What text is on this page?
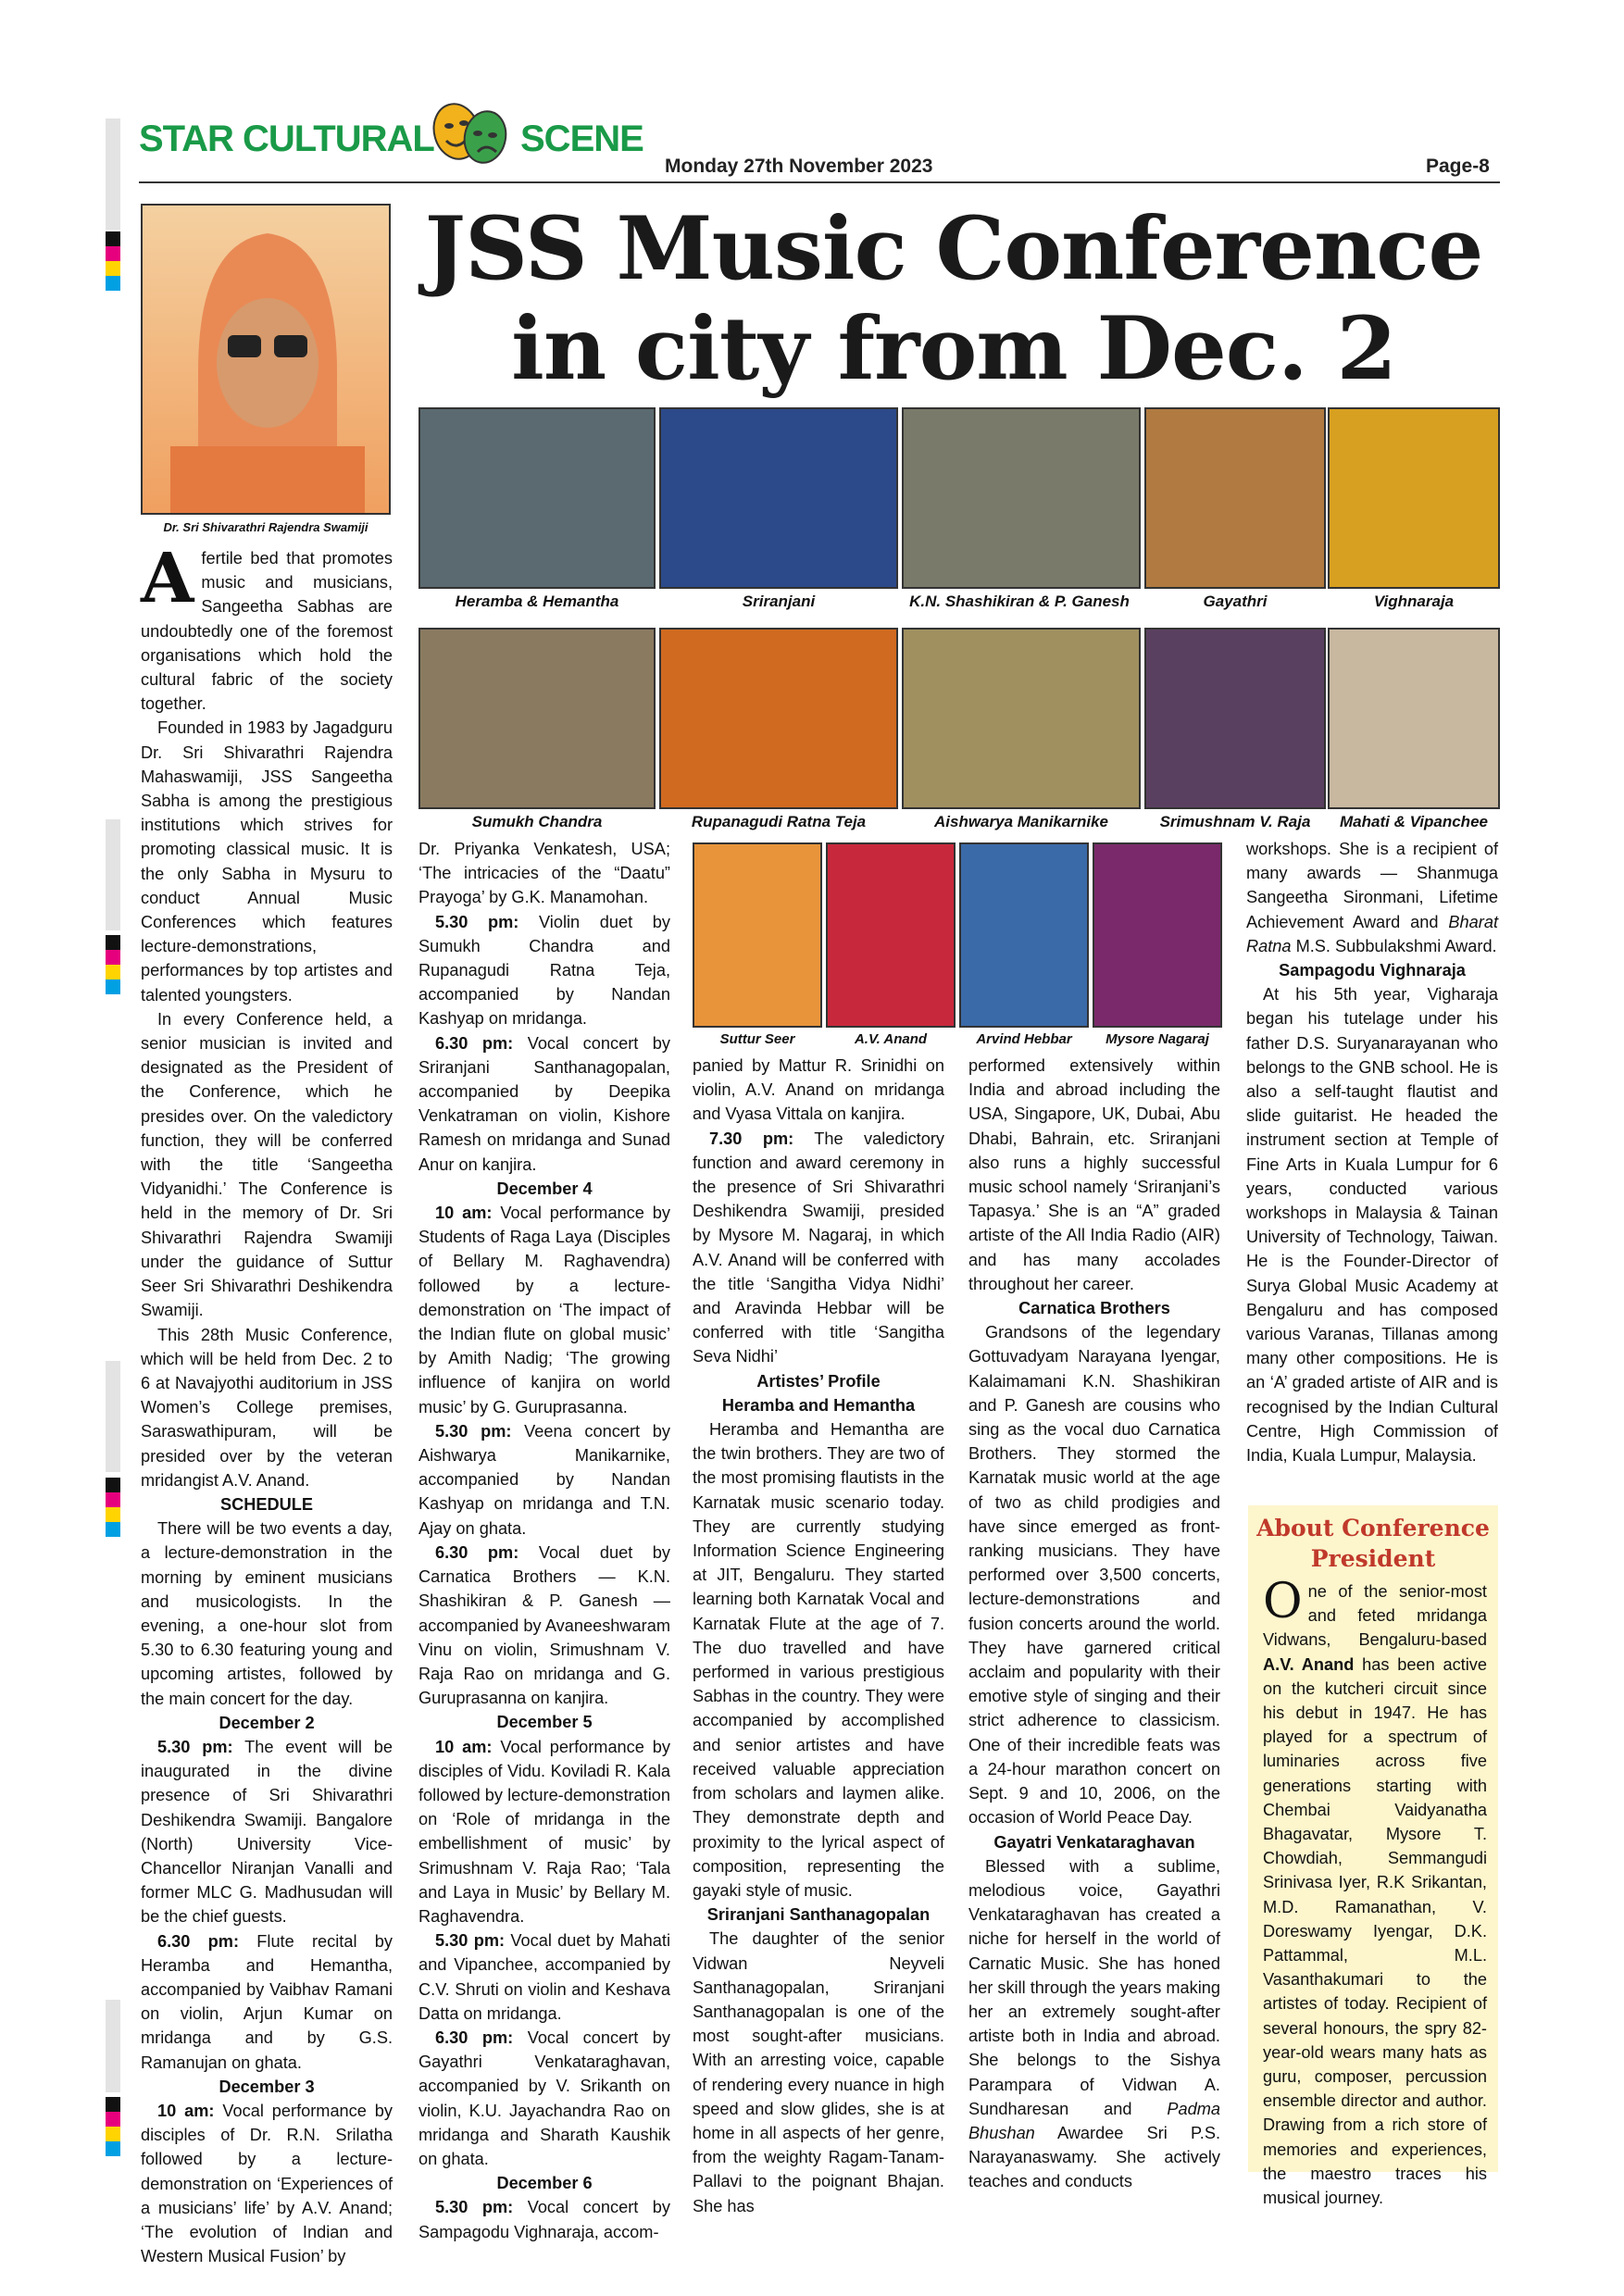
STAR CULTURAL SCENE
Monday 27th November 2023	Page-8
JSS Music Conference
in city from Dec. 2
Dr. Sri Shivarathri Rajendra Swamiji
Heramba & Hemantha	Sriranjani	K.N. Shashikiran & P. Ganesh	Gayathri	Vighnaraja
Sumukh Chandra	Rupanagudi Ratna Teja	Aishwarya Manikarnike	Srimushnam V. Raja	Mahati & Vipanchee
Suttur Seer	A.V. Anand	Arvind Hebbar	Mysore Nagaraj

Afertile bed that promotes music and musicians, Sangeetha Sabhas are undoubtedly one of the foremost organisations which hold the cultural fabric of the society together.

Founded in 1983 by Jagadguru Dr. Sri Shivarathri Rajendra Mahaswamiji, JSS Sangeetha Sabha is among the prestigious institutions which strives for promoting classical music. It is the only Sabha in Mysuru to conduct Annual Music Conferences which features lecture-demonstrations, performances by top artistes and talented youngsters.

In every Conference held, a senior musician is invited and designated as the President of the Conference, which he presides over. On the valedictory function, they will be conferred with the title ‘Sangeetha Vidyanidhi.’ The Conference is held in the memory of Dr. Sri Shivarathri Rajendra Swamiji under the guidance of Suttur Seer Sri Shivarathri Deshikendra Swamiji.

This 28th Music Conference, which will be held from Dec. 2 to 6 at Navajyothi auditorium in JSS Women’s College premises, Saraswathipuram, will be presided over by the veteran mridangist A.V. Anand.

SCHEDULE

There will be two events a day, a lecture-demonstration in the morning by eminent musicians and musicologists. In the evening, a one-hour slot from 5.30 to 6.30 featuring young and upcoming artistes, followed by the main concert for the day.

December 2

5.30 pm: The event will be inaugurated in the divine presence of Sri Shivarathri Deshikendra Swamiji. Bangalore (North) University Vice-Chancellor Niranjan Vanalli and former MLC G. Madhusudan will be the chief guests.

6.30 pm: Flute recital by Heramba and Hemantha, accompanied by Vaibhav Ramani on violin, Arjun Kumar on mridanga and by G.S. Ramanujan on ghata.

December 3

10 am: Vocal performance by disciples of Dr. R.N. Srilatha followed by a lecture-demonstration on ‘Experiences of a musicians’ life’ by A.V. Anand; ‘The evolution of Indian and Western Musical Fusion’ by

Dr. Priyanka Venkatesh, USA; ‘The intricacies of the “Daatu” Prayoga’ by G.K. Manamohan.

5.30 pm: Violin duet by Sumukh Chandra and Rupanagudi Ratna Teja, accompanied by Nandan Kashyap on mridanga.

6.30 pm: Vocal concert by Sriranjani Santhanagopalan, accompanied by Deepika Venkatraman on violin, Kishore Ramesh on mridanga and Sunad Anur on kanjira.

December 4

10 am: Vocal performance by Students of Raga Laya (Disciples of Bellary M. Raghavendra) followed by a lecture-demonstration on ‘The impact of the Indian flute on global music’ by Amith Nadig; ‘The growing influence of kanjira on world music’ by G. Guruprasanna.

5.30 pm: Veena concert by Aishwarya Manikarnike, accompanied by Nandan Kashyap on mridanga and T.N. Ajay on ghata.

6.30 pm: Vocal duet by Carnatica Brothers — K.N. Shashikiran & P. Ganesh — accompanied by Avaneeshwaram Vinu on violin, Srimushnam V. Raja Rao on mridanga and G. Guruprasanna on kanjira.

December 5

10 am: Vocal performance by disciples of Vidu. Koviladi R. Kala followed by lecture-demonstration on ‘Role of mridanga in the embellishment of music’ by Srimushnam V. Raja Rao; ‘Tala and Laya in Music’ by Bellary M. Raghavendra.

5.30 pm: Vocal duet by Mahati and Vipanchee, accompanied by C.V. Shruti on violin and Keshava Datta on mridanga.

6.30 pm: Vocal concert by Gayathri Venkataraghavan, accompanied by V. Srikanth on violin, K.U. Jayachandra Rao on mridanga and Sharath Kaushik on ghata.

December 6

5.30 pm: Vocal concert by Sampagodu Vighnaraja, accom-

panied by Mattur R. Srinidhi on violin, A.V. Anand on mridanga and Vyasa Vittala on kanjira.

7.30 pm: The valedictory function and award ceremony in the presence of Sri Shivarathri Deshikendra Swamiji, presided by Mysore M. Nagaraj, in which A.V. Anand will be conferred with the title ‘Sangitha Vidya Nidhi’ and Aravinda Hebbar will be conferred with title ‘Sangitha Seva Nidhi’

Artistes’ Profile
Heramba and Hemantha

Heramba and Hemantha are the twin brothers. They are two of the most promising flautists in the Karnatak music scenario today. They are currently studying Information Science Engineering at JIT, Bengaluru. They started learning both Karnatak Vocal and Karnatak Flute at the age of 7. The duo travelled and have performed in various prestigious Sabhas in the country. They were accompanied by accomplished and senior artistes and have received valuable appreciation from scholars and laymen alike. They demonstrate depth and proximity to the lyrical aspect of composition, representing the gayaki style of music.

Sriranjani Santhanagopalan

The daughter of the senior Vidwan Neyveli Santhanagopalan, Sriranjani Santhanagopalan is one of the most sought-after musicians. With an arresting voice, capable of rendering every nuance in high speed and slow glides, she is at home in all aspects of her genre, from the weighty Ragam-Tanam-Pallavi to the poignant Bhajan. She has

performed extensively within India and abroad including the USA, Singapore, UK, Dubai, Abu Dhabi, Bahrain, etc. Sriranjani also runs a highly successful music school namely ‘Sriranjani’s Tapasya.’ She is an “A” graded artiste of the All India Radio (AIR) and has many accolades throughout her career.

Carnatica Brothers

Grandsons of the legendary Gottuvadyam Narayana Iyengar, Kalaimamani K.N. Shashikiran and P. Ganesh are cousins who sing as the vocal duo Carnatica Brothers. They stormed the Karnatak music world at the age of two as child prodigies and have since emerged as front-ranking musicians. They have performed over 3,500 concerts, lecture-demonstrations and fusion concerts around the world. They have garnered critical acclaim and popularity with their emotive style of singing and their strict adherence to classicism. One of their incredible feats was a 24-hour marathon concert on Sept. 9 and 10, 2006, on the occasion of World Peace Day.

Gayatri Venkataraghavan

Blessed with a sublime, melodious voice, Gayathri Venkataraghavan has created a niche for herself in the world of Carnatic Music. She has honed her skill through the years making her an extremely sought-after artiste both in India and abroad. She belongs to the Sishya Parampara of Vidwan A. Sundharesan and Padma Bhushan Awardee Sri P.S. Narayanaswamy. She actively teaches and conducts

workshops. She is a recipient of many awards — Shanmuga Sangeetha Sironmani, Lifetime Achievement Award and Bharat Ratna M.S. Subbulakshmi Award.

Sampagodu Vighnaraja

At his 5th year, Vigharaja began his tutelage under his father D.S. Suryanarayanan who belongs to the GNB school. He is also a self-taught flautist and slide guitarist. He headed the instrument section at Temple of Fine Arts in Kuala Lumpur for 6 years, conducted various workshops in Malaysia & Tainan University of Technology, Taiwan. He is the Founder-Director of Surya Global Music Academy at Bengaluru and has composed various Varanas, Tillanas among many other compositions. He is an ‘A’ graded artiste of AIR and is recognised by the Indian Cultural Centre, High Commission of India, Kuala Lumpur, Malaysia.

About Conference
President

One of the senior-most and feted mridanga Vidwans, Bengaluru-based A.V. Anand has been active on the kutcheri circuit since his debut in 1947. He has played for a spectrum of luminaries across five generations starting with Chembai Vaidyanatha Bhagavatar, Mysore T. Chowdiah, Semmangudi Srinivasa Iyer, R.K Srikantan, M.D. Ramanathan, V. Doreswamy Iyengar, D.K. Pattammal, M.L. Vasanthakumari to the artistes of today. Recipient of several honours, the spry 82-year-old wears many hats as guru, composer, percussion ensemble director and author. Drawing from a rich store of memories and experiences, the maestro traces his musical journey.
